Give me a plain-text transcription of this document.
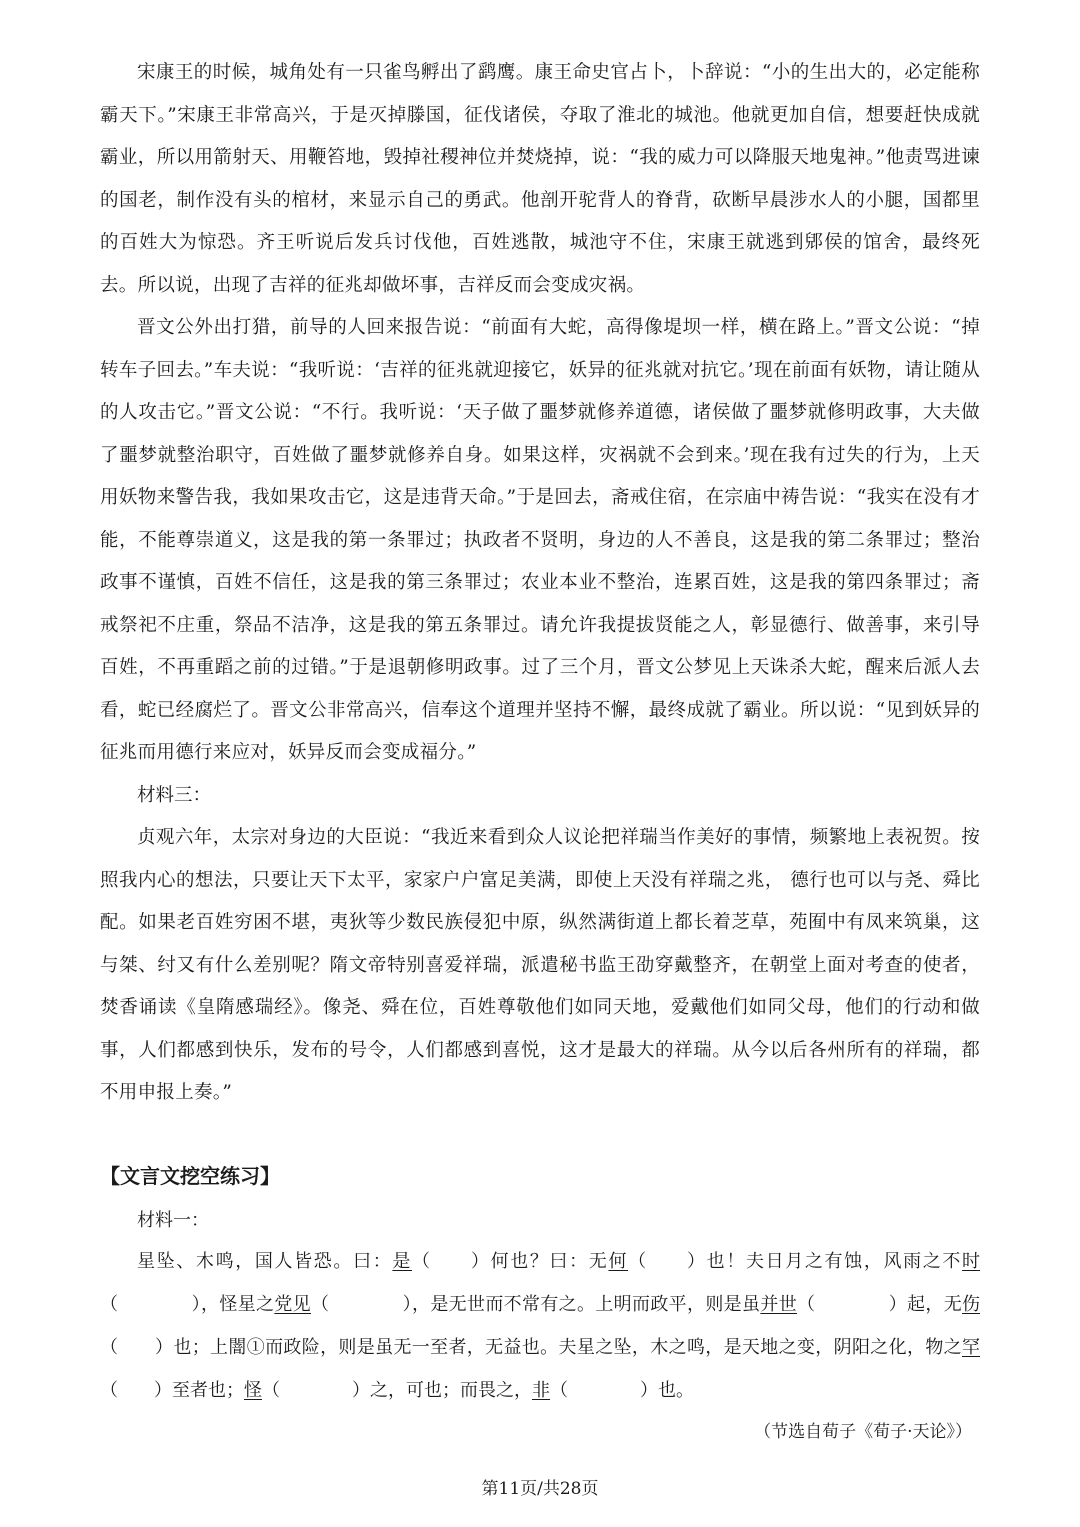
宋康王的时候，城角处有一只雀鸟孵出了鹞鹰。康王命史官占卜，卜辞说：“小的生出大的，必定能称霸天下。”宋康王非常高兴，于是灭掉滕国，征伐诸侯，夺取了淮北的城池。他就更加自信，想要赶快成就霸业，所以用箭射天、用鞭笞地，毁掉社稷神位并焚烧掉，说：“我的威力可以降服天地鬼神。”他责骂进谏的国老，制作没有头的棺材，来显示自己的勇武。他剖开驼背人的脊背，砍断早晨涉水人的小腿，国都里的百姓大为惊恐。齐王听说后发兵讨伐他，百姓逃散，城池守不住，宋康王就逃到郳侯的馆舍，最终死去。所以说，出现了吉祥的征兆却做坏事，吉祥反而会变成灾祸。

晋文公外出打猎，前导的人回来报告说：“前面有大蛇，高得像堤坝一样，横在路上。”晋文公说：“掉转车子回去。”车夫说：“我听说：‘吉祥的征兆就迎接它，妖异的征兆就对抗它。’现在前面有妖物，请让随从的人攻击它。”晋文公说：“不行。我听说：‘天子做了噩梦就修养道德，诸侯做了噩梦就修明政事，大夫做了噩梦就整治职守，百姓做了噩梦就修养自身。如果这样，灾祸就不会到来。’现在我有过失的行为，上天用妖物来警告我，我如果攻击它，这是违背天命。”于是回去，斋戒住宿，在宗庙中祷告说：“我实在没有才能，不能尊崇道义，这是我的第一条罪过；执政者不贤明，身边的人不善良，这是我的第二条罪过；整治政事不谨慎，百姓不信任，这是我的第三条罪过；农业本业不整治，连累百姓，这是我的第四条罪过；斋戒祭祀不庄重，祭品不洁净，这是我的第五条罪过。请允许我提拔贤能之人，彰显德行、做善事，来引导百姓，不再重蹈之前的过错。”于是退朝修明政事。过了三个月，晋文公梦见上天诛杀大蛇，醒来后派人去看，蛇已经腐烂了。晋文公非常高兴，信奉这个道理并坚持不懈，最终成就了霸业。所以说：“见到妖异的征兆而用德行来应对，妖异反而会变成福分。”

材料三：

贞观六年，太宗对身边的大臣说：“我近来看到众人议论把祥瑞当作美好的事情，频繁地上表祝贺。按照我内心的想法，只要让天下太平，家家户户富足美满，即使上天没有祥瑞之兆， 德行也可以与尧、舜比配。如果老百姓穷困不堪，夷狄等少数民族侵犯中原，纵然满街道上都长着芝草，苑囿中有凤来筑巢，这与桀、纣又有什么差别呢？隋文帝特别喜爱祥瑞，派遣秘书监王劭穿戴整齐，在朝堂上面对考查的使者，焚香诵读《皇隋感瑞经》。像尧、舜在位，百姓尊敬他们如同天地，爱戴他们如同父母，他们的行动和做事，人们都感到快乐，发布的号令，人们都感到喜悦，这才是最大的祥瑞。从今以后各州所有的祥瑞，都不用申报上奏。”

【文言文挖空练习】

材料一：

星坠、木鸣，国人皆恐。曰：是（　　）何也？曰：无何（　　）也！夫日月之有蚀，风雨之不时（　　　　），怪星之党见（　　　　），是无世而不常有之。上明而政平，则是虽并世（　　　　）起，无伤（　　）也；上闇①而政险，则是虽无一至者，无益也。夫星之坠，木之鸣，是天地之变，阴阳之化，物之罕（　　）至者也；怪（　　　　）之，可也；而畏之，非（　　　　）也。

（节选自荀子《荀子·天论》）

第11页/共28页
